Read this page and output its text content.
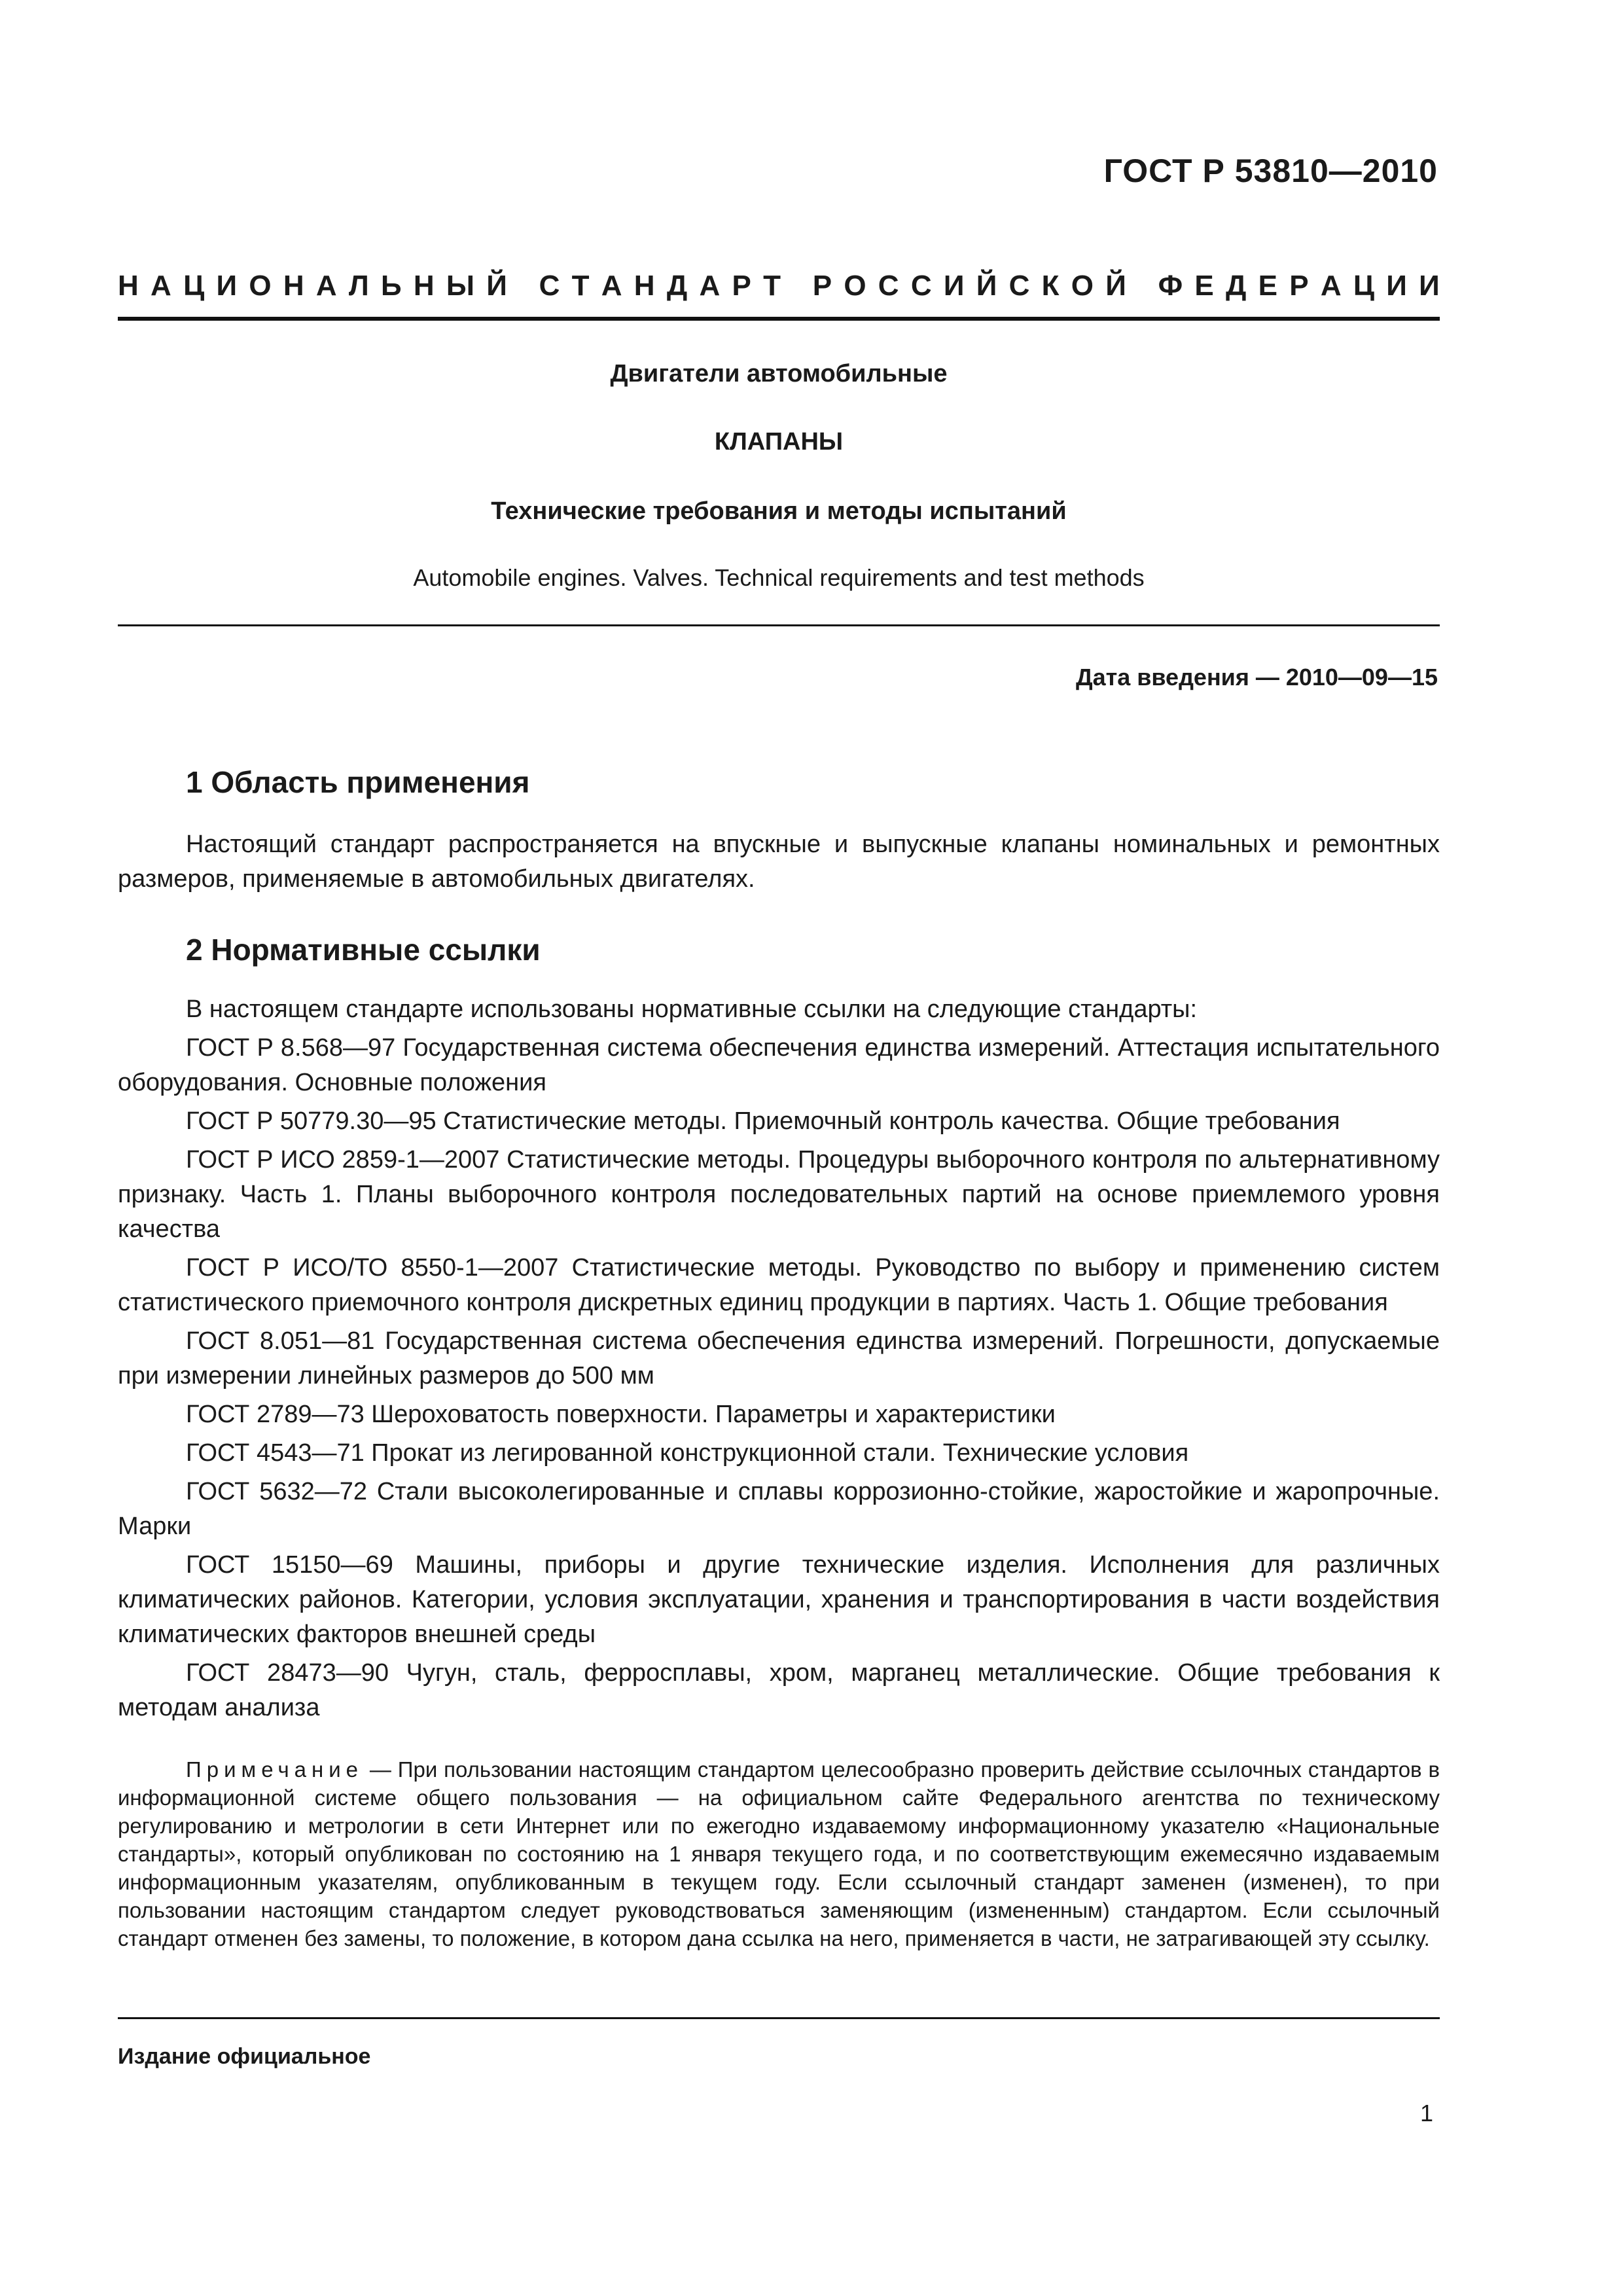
ГОСТ Р 53810—2010
Н А Ц И О Н А Л Ь Н Ы Й
С Т А Н Д А Р Т
Р О С С И Й С К О Й
Ф Е Д Е Р А Ц И И
Двигатели автомобильные
КЛАПАНЫ
Технические требования и методы испытаний
Automobile engines. Valves. Technical requirements and test methods
Дата введения — 2010—09—15
1 Область применения

Настоящий стандарт распространяется на впускные и выпускные клапаны номинальных и ремонтных размеров, применяемые в автомобильных двигателях.

2 Нормативные ссылки

В настоящем стандарте использованы нормативные ссылки на следующие стандарты:

ГОСТ Р 8.568—97 Государственная система обеспечения единства измерений. Аттестация испытательного оборудования. Основные положения

ГОСТ Р 50779.30—95 Статистические методы. Приемочный контроль качества. Общие требования

ГОСТ Р ИСО 2859-1—2007 Статистические методы. Процедуры выборочного контроля по альтернативному признаку. Часть 1. Планы выборочного контроля последовательных партий на основе приемлемого уровня качества

ГОСТ Р ИСО/ТО 8550-1—2007 Статистические методы. Руководство по выбору и применению систем статистического приемочного контроля дискретных единиц продукции в партиях. Часть 1. Общие требования

ГОСТ 8.051—81 Государственная система обеспечения единства измерений. Погрешности, допускаемые при измерении линейных размеров до 500 мм

ГОСТ 2789—73 Шероховатость поверхности. Параметры и характеристики

ГОСТ 4543—71 Прокат из легированной конструкционной стали. Технические условия

ГОСТ 5632—72 Стали высоколегированные и сплавы коррозионно-стойкие, жаростойкие и жаропрочные. Марки

ГОСТ 15150—69 Машины, приборы и другие технические изделия. Исполнения для различных климатических районов. Категории, условия эксплуатации, хранения и транспортирования в части воздействия климатических факторов внешней среды

ГОСТ 28473—90 Чугун, сталь, ферросплавы, хром, марганец металлические. Общие требования к методам анализа

Примечание — При пользовании настоящим стандартом целесообразно проверить действие ссылочных стандартов в информационной системе общего пользования — на официальном сайте Федерального агентства по техническому регулированию и метрологии в сети Интернет или по ежегодно издаваемому информационному указателю «Национальные стандарты», который опубликован по состоянию на 1 января текущего года, и по соответствующим ежемесячно издаваемым информационным указателям, опубликованным в текущем году. Если ссылочный стандарт заменен (изменен), то при пользовании настоящим стандартом следует руководствоваться заменяющим (измененным) стандартом. Если ссылочный стандарт отменен без замены, то положение, в котором дана ссылка на него, применяется в части, не затрагивающей эту ссылку.

Издание официальное
1
